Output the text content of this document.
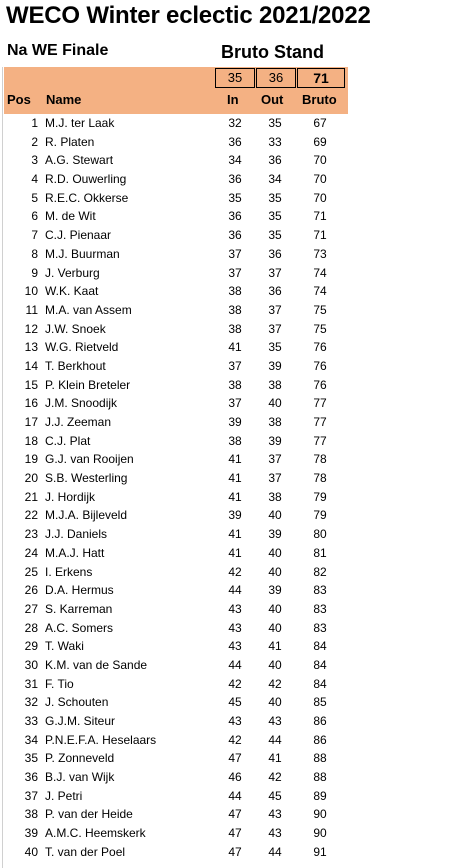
WECO Winter eclectic 2021/2022
Na WE Finale	Bruto Stand
35	36	71
Pos Name	In Out Bruto
1 M.J. ter Laak	32	35	67
2 R. Platen	36	33	69
3 A.G. Stewart	34	36	70
4 R.D. Ouwerling	36	34	70
5 R.E.C. Okkerse	35	35	70
6 M. de Wit	36	35	71
7 C.J. Pienaar	36	35	71
8 M.J. Buurman	37	36	73
9 J. Verburg	37	37	74
10 W.K. Kaat	38	36	74
11 M.A. van Assem	38	37	75
12 J.W. Snoek	38	37	75
13 W.G. Rietveld	41	35	76
14 T. Berkhout	37	39	76
15 P. Klein Breteler	38	38	76
16 J.M. Snoodijk	37	40	77
17 J.J. Zeeman	39	38	77
18 C.J. Plat	38	39	77
19 G.J. van Rooijen	41	37	78
20 S.B. Westerling	41	37	78
21 J. Hordijk	41	38	79
22 M.J.A. Bijleveld	39	40	79
23 J.J. Daniels	41	39	80
24 M.A.J. Hatt	41	40	81
25 I. Erkens	42	40	82
26 D.A. Hermus	44	39	83
27 S. Karreman	43	40	83
28 A.C. Somers	43	40	83
29 T. Waki	43	41	84
30 K.M. van de Sande	44	40	84
31 F. Tio	42	42	84
32 J. Schouten	45	40	85
33 G.J.M. Siteur	43	43	86
34 P.N.E.F.A. Heselaars	42	44	86
35 P. Zonneveld	47	41	88
36 B.J. van Wijk	46	42	88
37 J. Petri	44	45	89
38 P. van der Heide	47	43	90
39 A.M.C. Heemskerk	47	43	90
40 T. van der Poel	47	44	91
